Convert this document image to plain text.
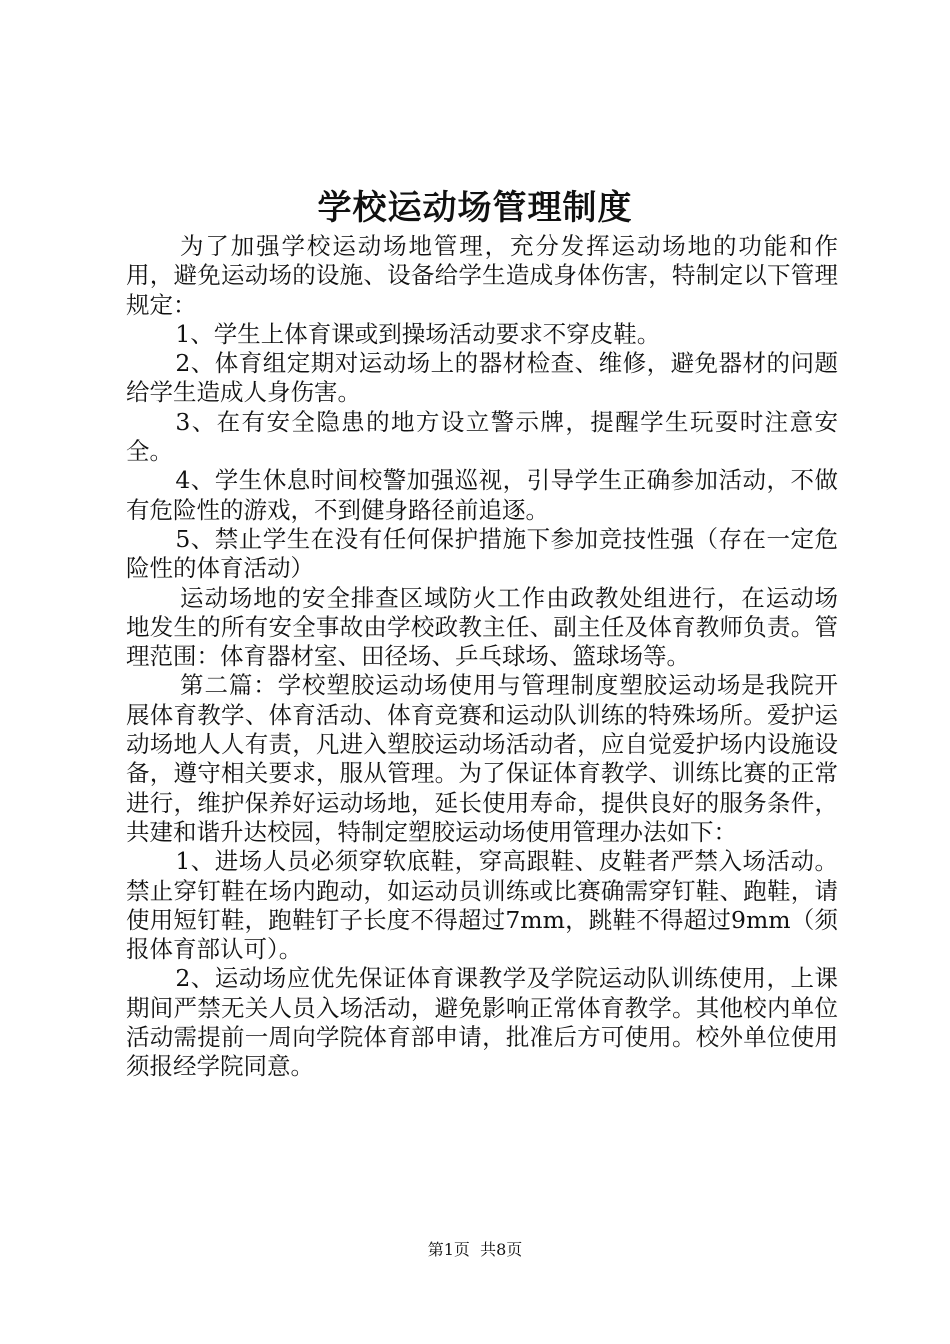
学校运动场管理制度

为了加强学校运动场地管理，充分发挥运动场地的功能和作用，避免运动场的设施、设备给学生造成身体伤害，特制定以下管理规定：

1、学生上体育课或到操场活动要求不穿皮鞋。

2、体育组定期对运动场上的器材检查、维修，避免器材的问题给学生造成人身伤害。

3、在有安全隐患的地方设立警示牌，提醒学生玩耍时注意安全。

4、学生休息时间校警加强巡视，引导学生正确参加活动，不做有危险性的游戏，不到健身路径前追逐。

5、禁止学生在没有任何保护措施下参加竞技性强（存在一定危险性的体育活动）

运动场地的安全排查区域防火工作由政教处组进行，在运动场地发生的所有安全事故由学校政教主任、副主任及体育教师负责。管理范围：体育器材室、田径场、乒乓球场、篮球场等。

第二篇：学校塑胶运动场使用与管理制度塑胶运动场是我院开展体育教学、体育活动、体育竞赛和运动队训练的特殊场所。爱护运动场地人人有责，凡进入塑胶运动场活动者，应自觉爱护场内设施设备，遵守相关要求，服从管理。为了保证体育教学、训练比赛的正常进行，维护保养好运动场地，延长使用寿命，提供良好的服务条件，共建和谐升达校园，特制定塑胶运动场使用管理办法如下：

1、进场人员必须穿软底鞋，穿高跟鞋、皮鞋者严禁入场活动。禁止穿钉鞋在场内跑动，如运动员训练或比赛确需穿钉鞋、跑鞋，请使用短钉鞋，跑鞋钉子长度不得超过7mm，跳鞋不得超过9mm（须报体育部认可）。

2、运动场应优先保证体育课教学及学院运动队训练使用，上课期间严禁无关人员入场活动，避免影响正常体育教学。其他校内单位活动需提前一周向学院体育部申请，批准后方可使用。校外单位使用须报经学院同意。

第1页 共8页
